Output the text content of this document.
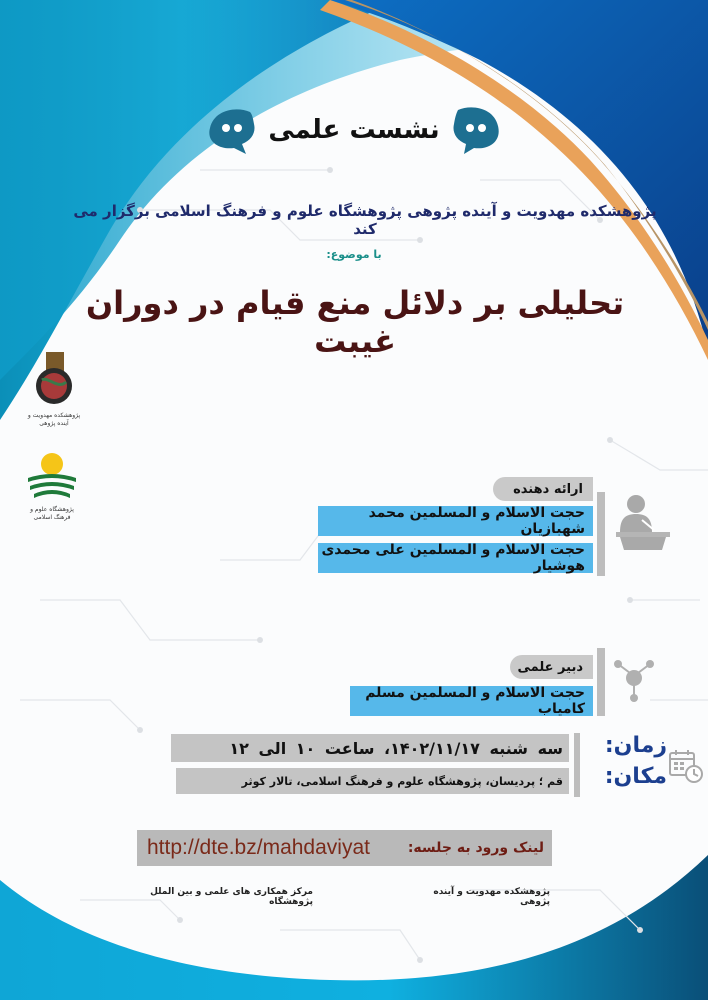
نشست علمی
پژوهشکده مهدویت و آینده پژوهی پژوهشگاه علوم و فرهنگ اسلامی برگزار می کند
با موضوع:
تحلیلی بر دلائل منع قیام در دوران غیبت
پژوهشکده مهدویت و آینده پژوهی
پژوهشگاه علوم و فرهنگ اسلامی
ارائه دهنده
حجت الاسلام و المسلمین محمد شهبازیان
حجت الاسلام و المسلمین علی محمدی هوشیار
دبیر علمی
حجت الاسلام و المسلمین مسلم کامیاب
زمان:
مکان:
سه شنبه ۱۴۰۲/۱۱/۱۷، ساعت ۱۰ الی ۱۲
قم ؛ پردیسان، پژوهشگاه علوم و فرهنگ اسلامی، تالار کوثر
http://dte.bz/mahdaviyat	لینک ورود به جلسه:
پژوهشکده مهدویت و آینده پژوهی
مرکز همکاری های علمی و بین الملل پژوهشگاه
